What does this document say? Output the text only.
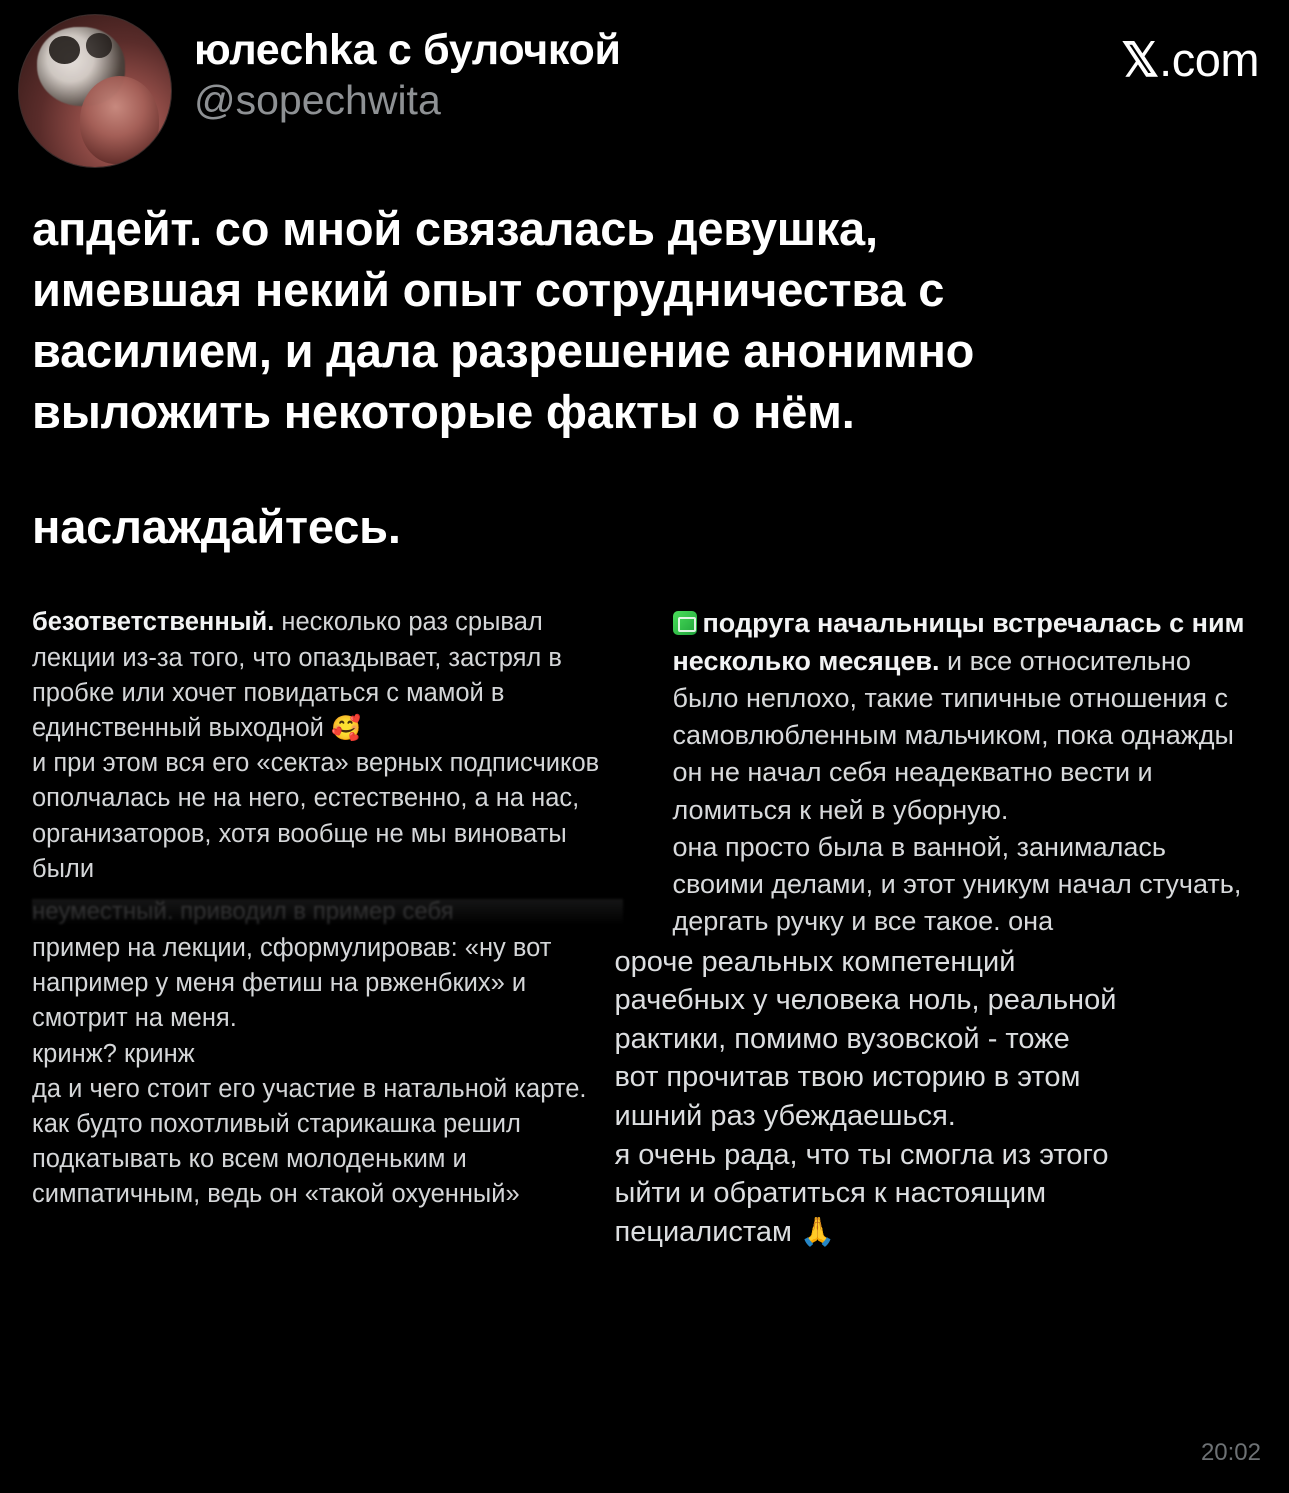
юлеchka с булочкой
@sopechwita
𝕏 .com
апдейт. со мной связалась девушка,
имевшая некий опыт сотрудничества с
василием, и дала разрешение анонимно
выложить некоторые факты о нём.
наслаждайтесь.

безответственный. несколько раз срывал лекции из-за того, что опаздывает, застрял в пробке или хочет повидаться с мамой в единственный выходной 🥰

и при этом вся его «секта» верных подписчиков ополчалась не на него, естественно, а на нас, организаторов, хотя вообще не мы виноваты были

неуместный. приводил в пример себя

пример на лекции, сформулировав: «ну вот например у меня фетиш на рвженбких» и смотрит на меня.

кринж? кринж

да и чего стоит его участие в натальной карте. как будто похотливый старикашка решил подкатывать ко всем молоденьким и симпатичным, ведь он «такой охуенный»

подруга начальницы встречалась с ним несколько месяцев. и все относительно было неплохо, такие типичные отношения с самовлюбленным мальчиком, пока однажды он не начал себя неадекватно вести и ломиться к ней в уборную.

она просто была в ванной, занималась своими делами, и этот уникум начал стучать, дергать ручку и все такое. она

ороче реальных компетенций

рачебных у человека ноль, реальной

рактики, помимо вузовской - тоже

вот прочитав твою историю в этом

ишний раз убеждаешься.

я очень рада, что ты смогла из этого

ыйти и обратиться к настоящим

пециалистам 🙏

20:02
